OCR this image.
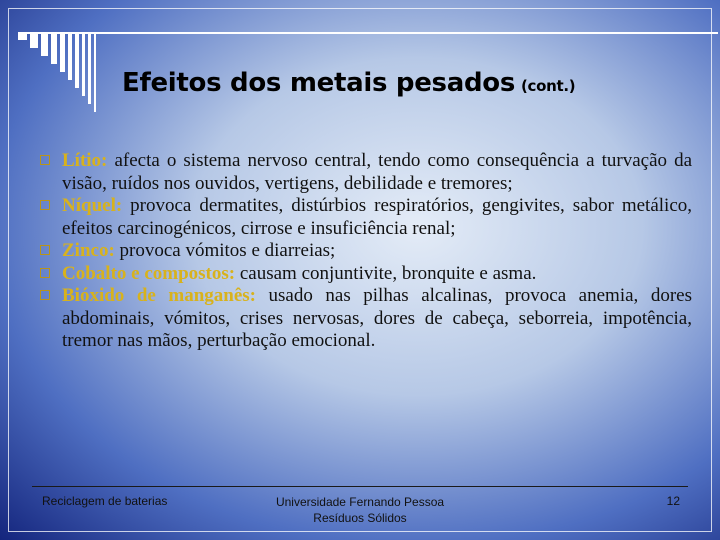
Efeitos dos metais pesados (cont.)
Lítio: afecta o sistema nervoso central, tendo como consequência a turvação da visão, ruídos nos ouvidos, vertigens, debilidade e tremores;
Níquel: provoca dermatites, distúrbios respiratórios, gengivites, sabor metálico, efeitos carcinogénicos, cirrose e insuficiência renal;
Zinco: provoca vómitos e diarreias;
Cobalto e compostos: causam conjuntivite, bronquite e asma.
Bióxido de manganês: usado nas pilhas alcalinas, provoca anemia, dores abdominais, vómitos, crises nervosas, dores de cabeça, seborreia, impotência, tremor nas mãos, perturbação emocional.
Reciclagem de baterias	Universidade Fernando Pessoa
Resíduos Sólidos
12
